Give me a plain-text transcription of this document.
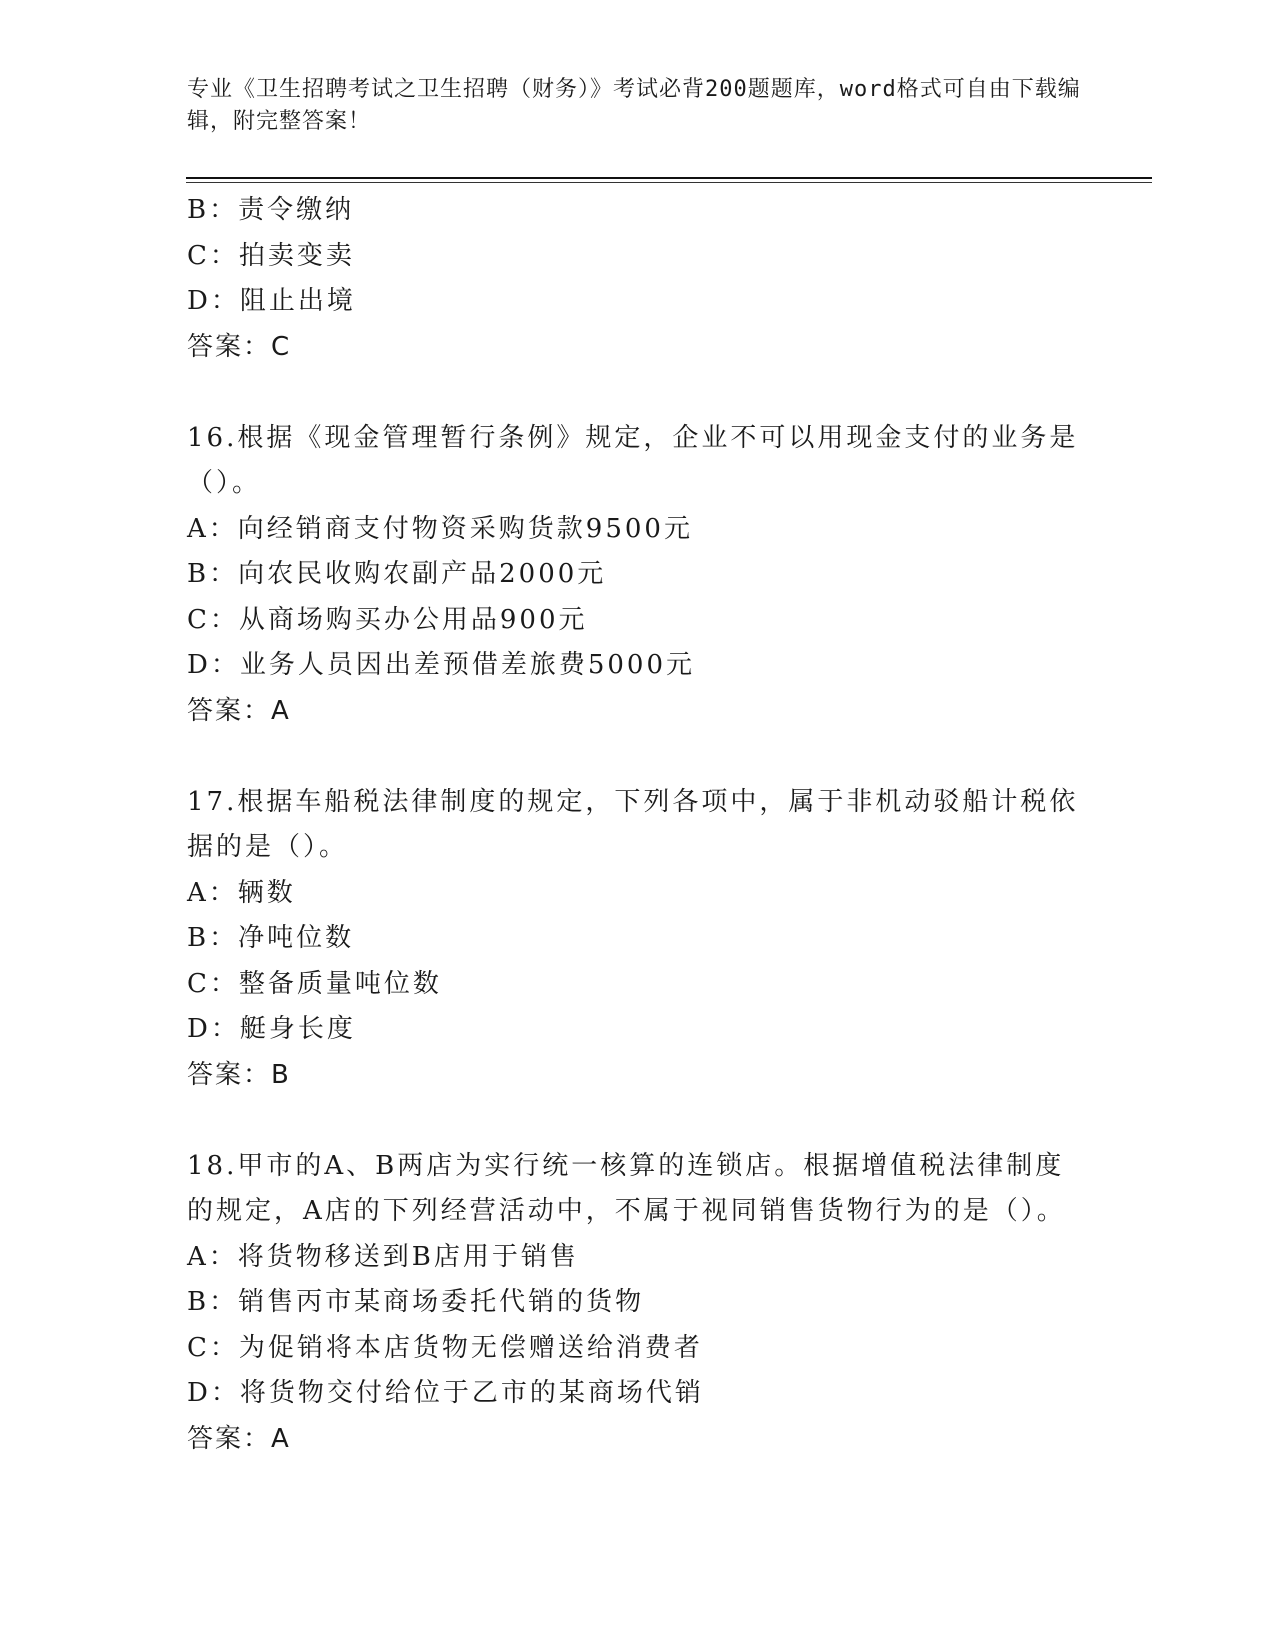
专业《卫生招聘考试之卫生招聘（财务）》考试必背200题题库，word格式可自由下载编辑，附完整答案！
B：责令缴纳
C：拍卖变卖
D：阻止出境
答案：C
16.根据《现金管理暂行条例》规定，企业不可以用现金支付的业务是（）。
A：向经销商支付物资采购货款9500元
B：向农民收购农副产品2000元
C：从商场购买办公用品900元
D：业务人员因出差预借差旅费5000元
答案：A
17.根据车船税法律制度的规定，下列各项中，属于非机动驳船计税依据的是（）。
A：辆数
B：净吨位数
C：整备质量吨位数
D：艇身长度
答案：B
18.甲市的A、B两店为实行统一核算的连锁店。根据增值税法律制度的规定，A店的下列经营活动中，不属于视同销售货物行为的是（）。
A：将货物移送到B店用于销售
B：销售丙市某商场委托代销的货物
C：为促销将本店货物无偿赠送给消费者
D：将货物交付给位于乙市的某商场代销
答案：A
